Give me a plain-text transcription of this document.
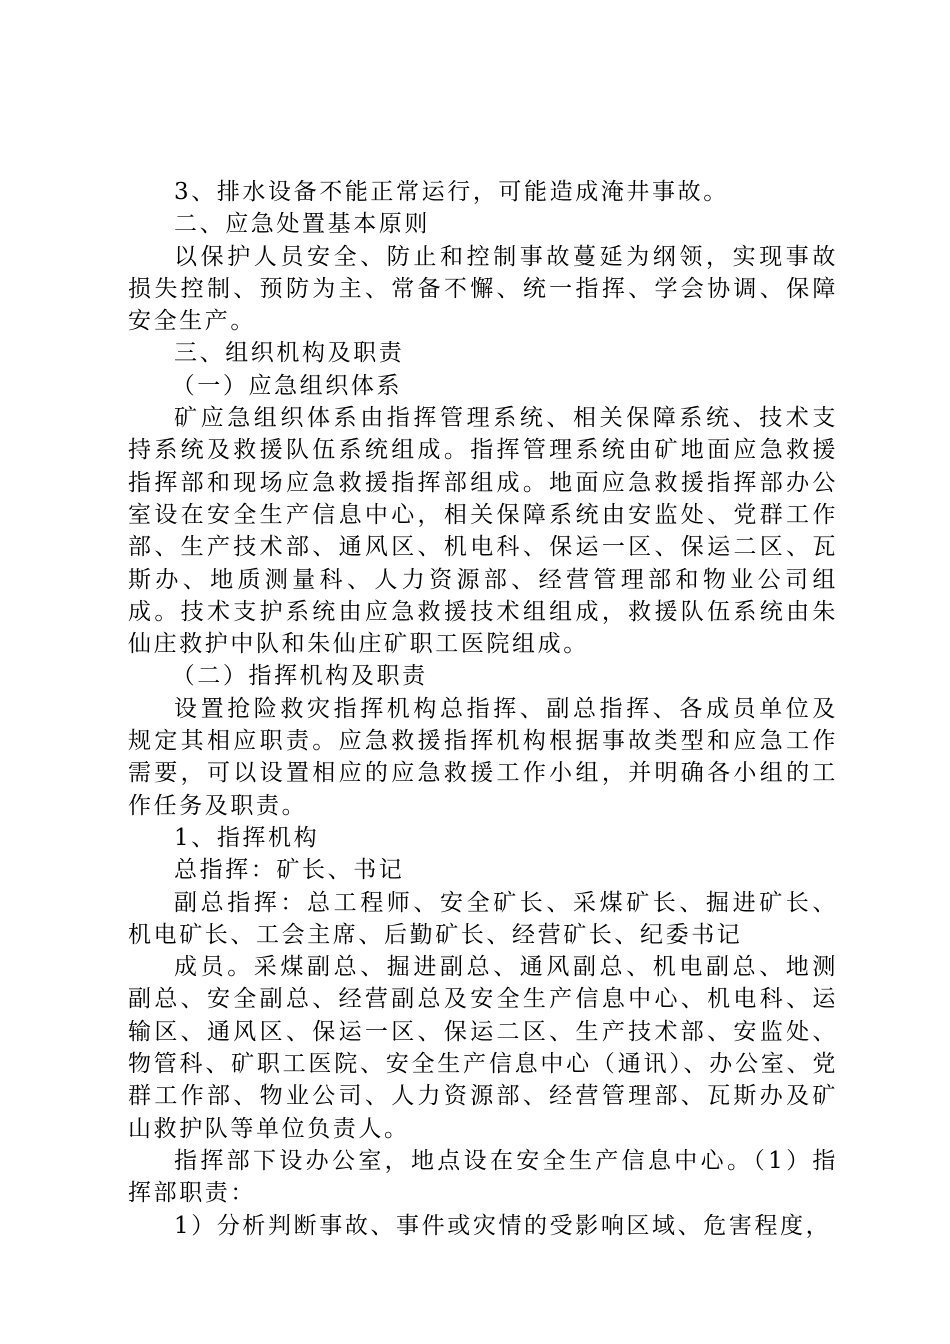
3、排水设备不能正常运行，可能造成淹井事故。

二、应急处置基本原则

以保护人员安全、防止和控制事故蔓延为纲领，实现事故损失控制、预防为主、常备不懈、统一指挥、学会协调、保障安全生产。

三、组织机构及职责

（一）应急组织体系

矿应急组织体系由指挥管理系统、相关保障系统、技术支持系统及救援队伍系统组成。指挥管理系统由矿地面应急救援指挥部和现场应急救援指挥部组成。地面应急救援指挥部办公室设在安全生产信息中心，相关保障系统由安监处、党群工作部、生产技术部、通风区、机电科、保运一区、保运二区、瓦斯办、地质测量科、人力资源部、经营管理部和物业公司组成。技术支护系统由应急救援技术组组成，救援队伍系统由朱仙庄救护中队和朱仙庄矿职工医院组成。

（二）指挥机构及职责

设置抢险救灾指挥机构总指挥、副总指挥、各成员单位及规定其相应职责。应急救援指挥机构根据事故类型和应急工作需要，可以设置相应的应急救援工作小组，并明确各小组的工作任务及职责。

1、指挥机构

总指挥：矿长、书记

副总指挥：总工程师、安全矿长、采煤矿长、掘进矿长、机电矿长、工会主席、后勤矿长、经营矿长、纪委书记

成员。采煤副总、掘进副总、通风副总、机电副总、地测副总、安全副总、经营副总及安全生产信息中心、机电科、运输区、通风区、保运一区、保运二区、生产技术部、安监处、物管科、矿职工医院、安全生产信息中心（通讯）、办公室、党群工作部、物业公司、人力资源部、经营管理部、瓦斯办及矿山救护队等单位负责人。

指挥部下设办公室，地点设在安全生产信息中心。（1）指挥部职责：

1）分析判断事故、事件或灾情的受影响区域、危害程度，
